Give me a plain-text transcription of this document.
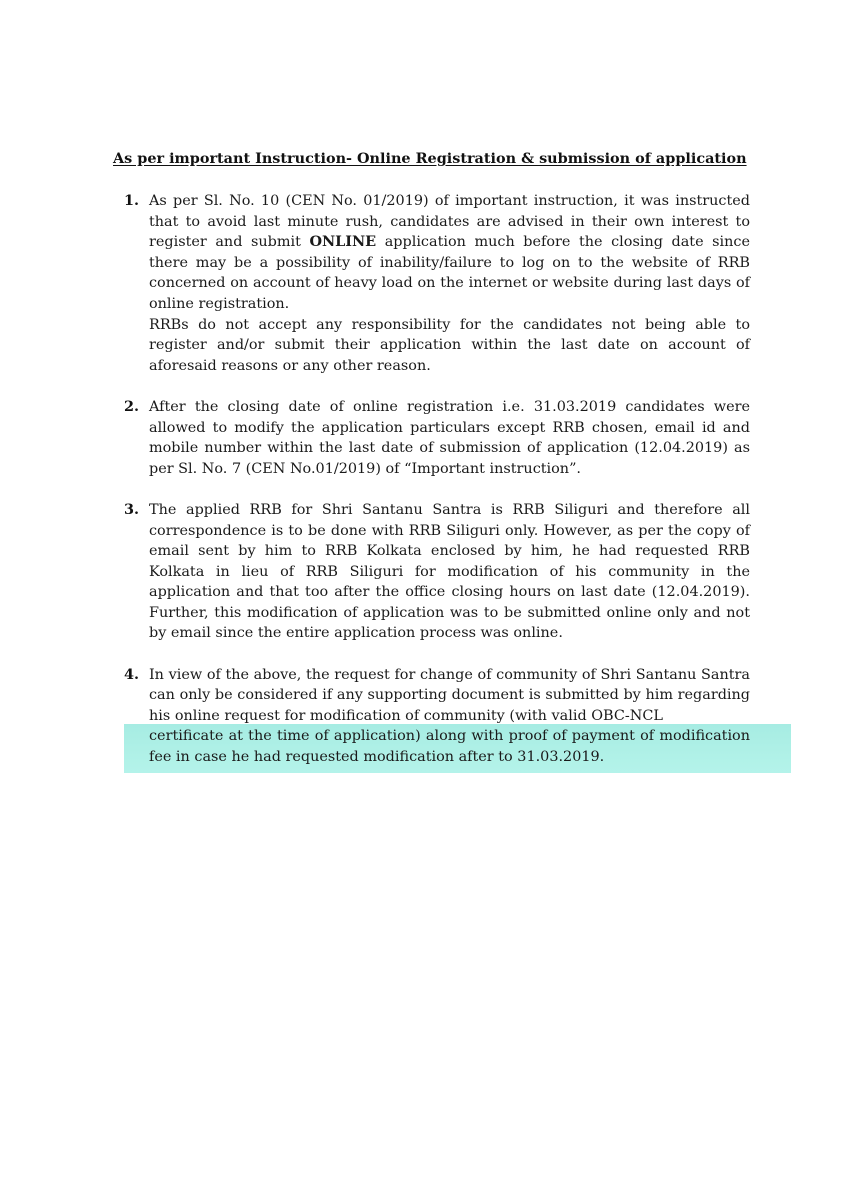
As per important Instruction- Online Registration & submission of application
1. As per Sl. No. 10 (CEN No. 01/2019) of important instruction, it was instructed that to avoid last minute rush, candidates are advised in their own interest to register and submit ONLINE application much before the closing date since there may be a possibility of inability/failure to log on to the website of RRB concerned on account of heavy load on the internet or website during last days of online registration.

RRBs do not accept any responsibility for the candidates not being able to register and/or submit their application within the last date on account of aforesaid reasons or any other reason.

2. After the closing date of online registration i.e. 31.03.2019 candidates were allowed to modify the application particulars except RRB chosen, email id and mobile number within the last date of submission of application (12.04.2019) as per Sl. No. 7 (CEN No.01/2019) of “Important instruction”.

3. The applied RRB for Shri Santanu Santra is RRB Siliguri and therefore all correspondence is to be done with RRB Siliguri only. However, as per the copy of email sent by him to RRB Kolkata enclosed by him, he had requested RRB Kolkata in lieu of RRB Siliguri for modification of his community in the application and that too after the office closing hours on last date (12.04.2019). Further, this modification of application was to be submitted online only and not by email since the entire application process was online.

4. In view of the above, the request for change of community of Shri Santanu Santra can only be considered if any supporting document is submitted by him regarding his online request for modification of community (with valid OBC-NCL

certificate at the time of application) along with proof of payment of modification fee in case he had requested modification after to 31.03.2019.
